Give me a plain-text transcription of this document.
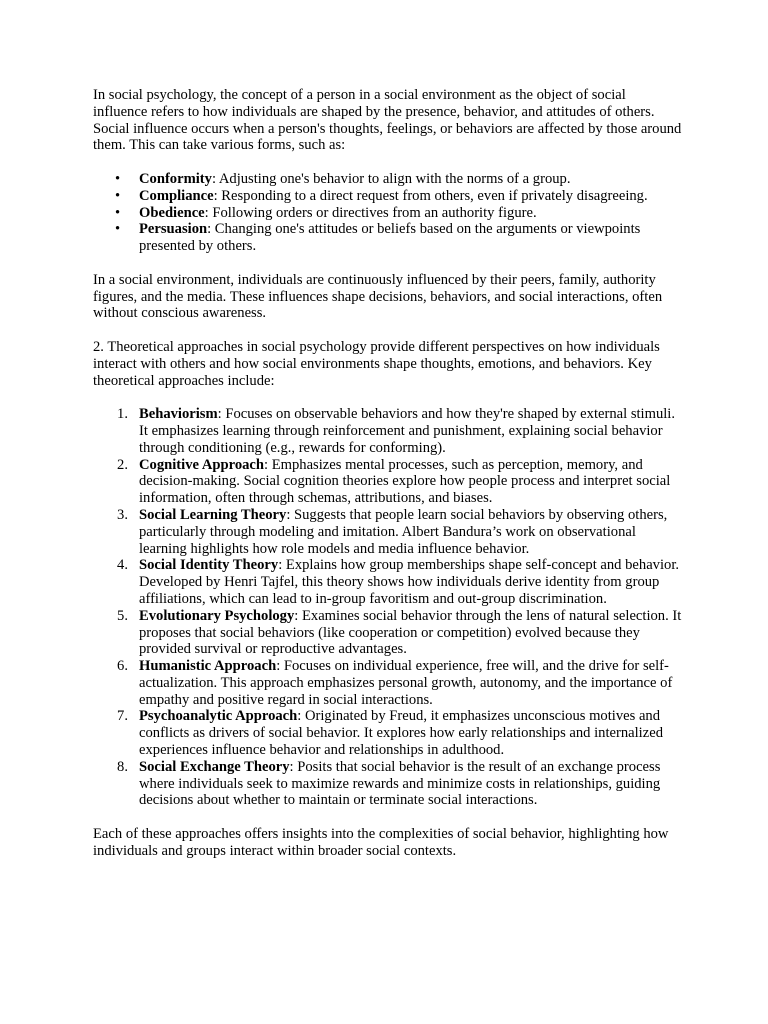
In social psychology, the concept of a person in a social environment as the object of social influence refers to how individuals are shaped by the presence, behavior, and attitudes of others. Social influence occurs when a person's thoughts, feelings, or behaviors are affected by those around them. This can take various forms, such as:

• Conformity: Adjusting one's behavior to align with the norms of a group.
• Compliance: Responding to a direct request from others, even if privately disagreeing.
• Obedience: Following orders or directives from an authority figure.
• Persuasion: Changing one's attitudes or beliefs based on the arguments or viewpoints presented by others.

In a social environment, individuals are continuously influenced by their peers, family, authority figures, and the media. These influences shape decisions, behaviors, and social interactions, often without conscious awareness.

2. Theoretical approaches in social psychology provide different perspectives on how individuals interact with others and how social environments shape thoughts, emotions, and behaviors. Key theoretical approaches include:

1. Behaviorism: Focuses on observable behaviors and how they're shaped by external stimuli. It emphasizes learning through reinforcement and punishment, explaining social behavior through conditioning (e.g., rewards for conforming).
2. Cognitive Approach: Emphasizes mental processes, such as perception, memory, and decision-making. Social cognition theories explore how people process and interpret social information, often through schemas, attributions, and biases.
3. Social Learning Theory: Suggests that people learn social behaviors by observing others, particularly through modeling and imitation. Albert Bandura’s work on observational learning highlights how role models and media influence behavior.
4. Social Identity Theory: Explains how group memberships shape self-concept and behavior. Developed by Henri Tajfel, this theory shows how individuals derive identity from group affiliations, which can lead to in-group favoritism and out-group discrimination.
5. Evolutionary Psychology: Examines social behavior through the lens of natural selection. It proposes that social behaviors (like cooperation or competition) evolved because they provided survival or reproductive advantages.
6. Humanistic Approach: Focuses on individual experience, free will, and the drive for self-actualization. This approach emphasizes personal growth, autonomy, and the importance of empathy and positive regard in social interactions.
7. Psychoanalytic Approach: Originated by Freud, it emphasizes unconscious motives and conflicts as drivers of social behavior. It explores how early relationships and internalized experiences influence behavior and relationships in adulthood.
8. Social Exchange Theory: Posits that social behavior is the result of an exchange process where individuals seek to maximize rewards and minimize costs in relationships, guiding decisions about whether to maintain or terminate social interactions.

Each of these approaches offers insights into the complexities of social behavior, highlighting how individuals and groups interact within broader social contexts.
